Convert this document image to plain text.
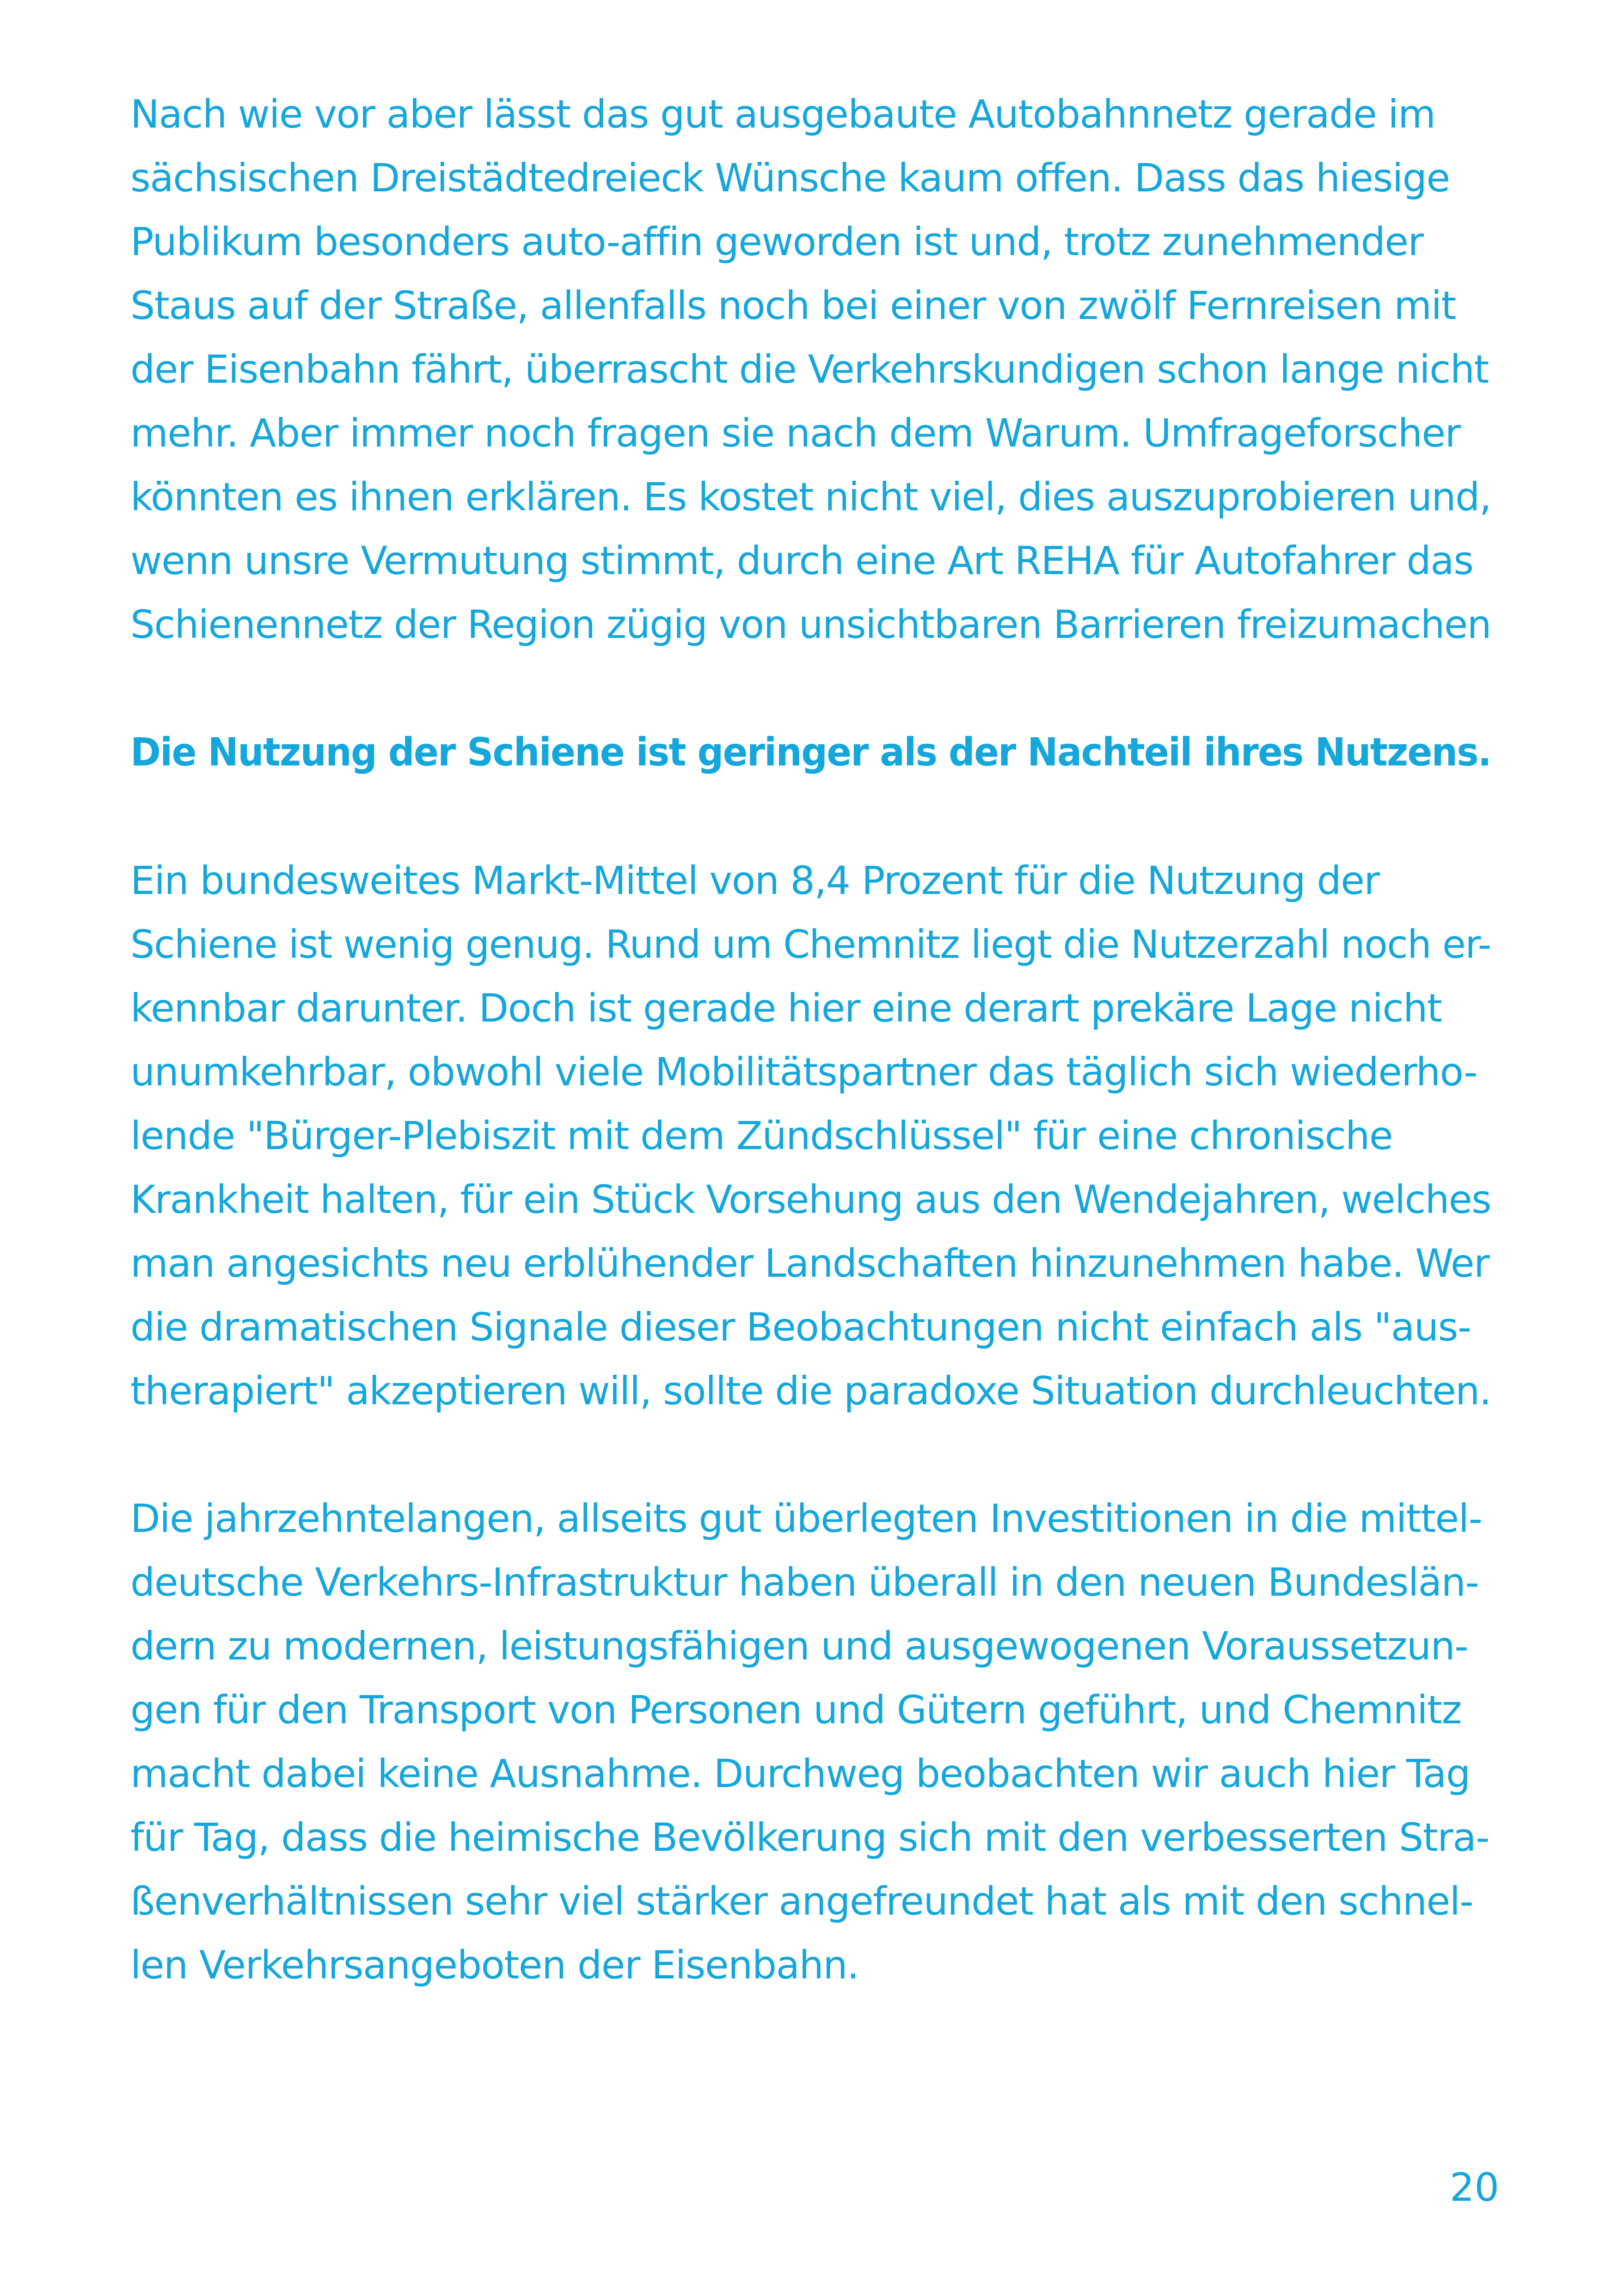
Nach wie vor aber lässt das gut ausgebaute Autobahnnetz gerade im

sächsischen Dreistädtedreieck Wünsche kaum offen. Dass das hiesige

Publikum besonders auto-affin geworden ist und, trotz zunehmender

Staus auf der Straße, allenfalls noch bei einer von zwölf Fernreisen mit

der Eisenbahn fährt, überrascht die Verkehrskundigen schon lange nicht

mehr. Aber immer noch fragen sie nach dem Warum. Umfrageforscher

könnten es ihnen erklären. Es kostet nicht viel, dies auszuprobieren und,

wenn unsre Vermutung stimmt, durch eine Art REHA für Autofahrer das

Schienennetz der Region zügig von unsichtbaren Barrieren freizumachen

Die Nutzung der Schiene ist geringer als der Nachteil ihres Nutzens.

Ein bundesweites Markt-Mittel von 8,4 Prozent für die Nutzung der

Schiene ist wenig genug. Rund um Chemnitz liegt die Nutzerzahl noch er-

kennbar darunter. Doch ist gerade hier eine derart prekäre Lage nicht

unumkehrbar, obwohl viele Mobilitätspartner das täglich sich wiederho-

lende "Bürger-Plebiszit mit dem Zündschlüssel" für eine chronische

Krankheit halten, für ein Stück Vorsehung aus den Wendejahren, welches

man angesichts neu erblühender Landschaften hinzunehmen habe. Wer

die dramatischen Signale dieser Beobachtungen nicht einfach als "aus-

therapiert" akzeptieren will, sollte die paradoxe Situation durchleuchten.

Die jahrzehntelangen, allseits gut überlegten Investitionen in die mittel-

deutsche Verkehrs-Infrastruktur haben überall in den neuen Bundeslän-

dern zu modernen, leistungsfähigen und ausgewogenen Voraussetzun-

gen für den Transport von Personen und Gütern geführt, und Chemnitz

macht dabei keine Ausnahme. Durchweg beobachten wir auch hier Tag

für Tag, dass die heimische Bevölkerung sich mit den verbesserten Stra-

ßenverhältnissen sehr viel stärker angefreundet hat als mit den schnel-

len Verkehrsangeboten der Eisenbahn.

20
